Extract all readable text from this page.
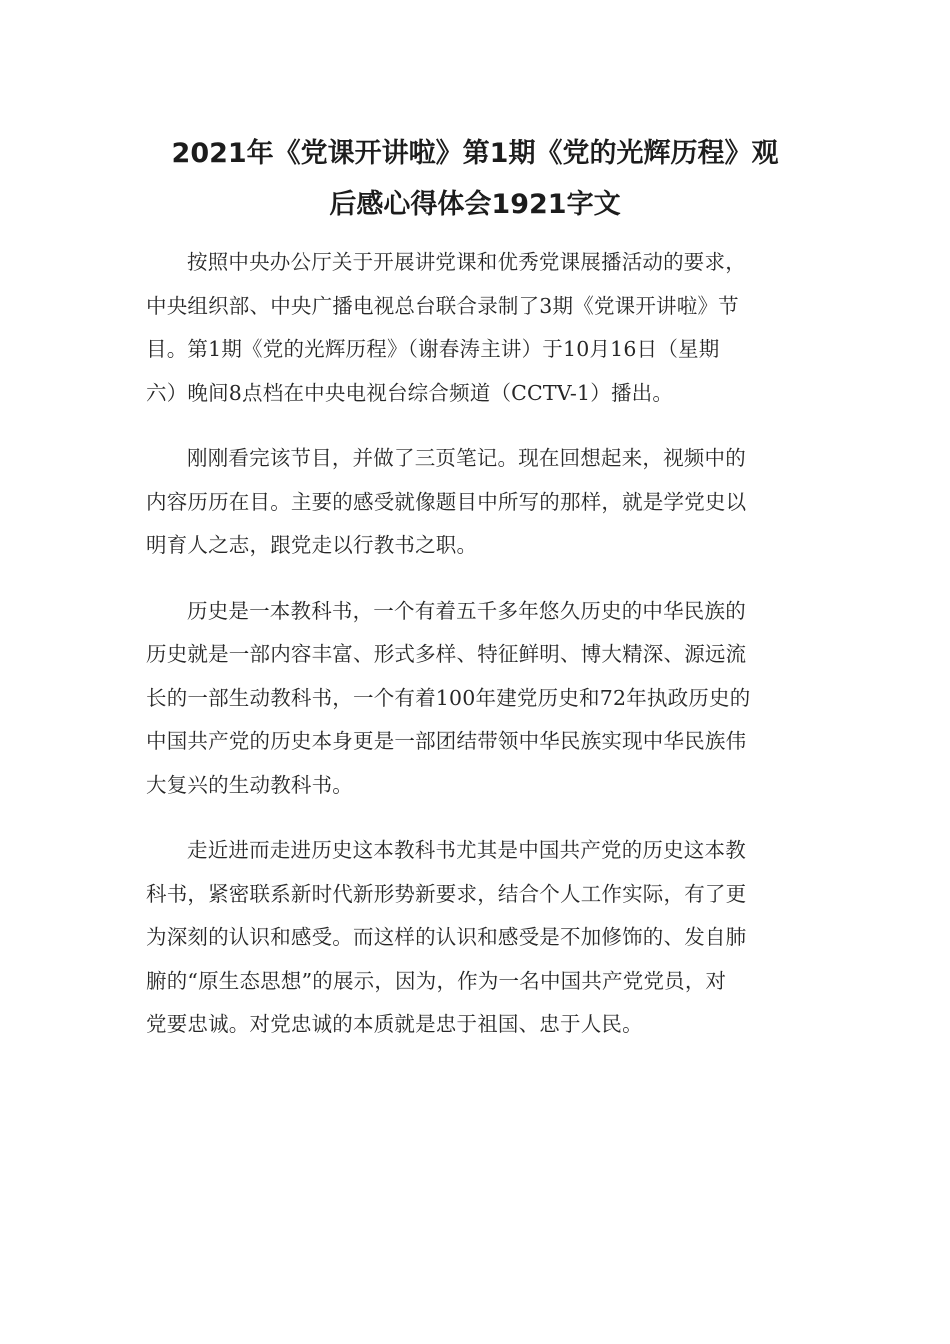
2021年《党课开讲啦》第1期《党的光辉历程》观
后感心得体会1921字文

按照中央办公厅关于开展讲党课和优秀党课展播活动的要求，
中央组织部、中央广播电视总台联合录制了3期《党课开讲啦》节
目。第1期《党的光辉历程》（谢春涛主讲）于10月16日（星期
六）晚间8点档在中央电视台综合频道（CCTV-1）播出。

刚刚看完该节目，并做了三页笔记。现在回想起来，视频中的
内容历历在目。主要的感受就像题目中所写的那样，就是学党史以
明育人之志，跟党走以行教书之职。

历史是一本教科书，一个有着五千多年悠久历史的中华民族的
历史就是一部内容丰富、形式多样、特征鲜明、博大精深、源远流
长的一部生动教科书，一个有着100年建党历史和72年执政历史的
中国共产党的历史本身更是一部团结带领中华民族实现中华民族伟
大复兴的生动教科书。

走近进而走进历史这本教科书尤其是中国共产党的历史这本教
科书，紧密联系新时代新形势新要求，结合个人工作实际，有了更
为深刻的认识和感受。而这样的认识和感受是不加修饰的、发自肺
腑的“原生态思想”的展示，因为，作为一名中国共产党党员，对
党要忠诚。对党忠诚的本质就是忠于祖国、忠于人民。
